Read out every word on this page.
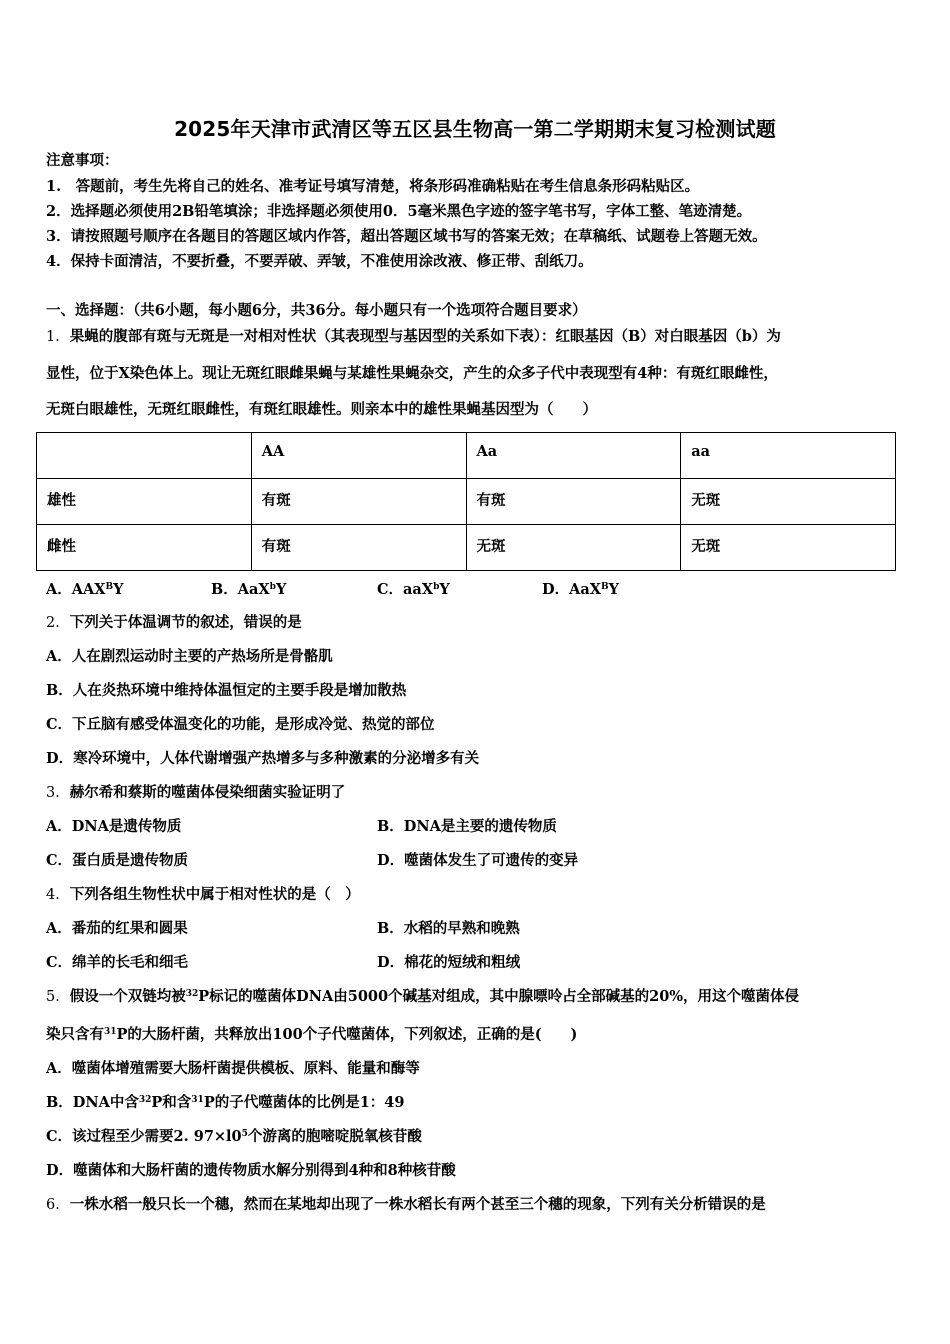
2025年天津市武清区等五区县生物高一第二学期期末复习检测试题
注意事项：
1.　答题前，考生先将自己的姓名、准考证号填写清楚，将条形码准确粘贴在考生信息条形码粘贴区。
2．选择题必须使用2B铅笔填涂；非选择题必须使用0．5毫米黑色字迹的签字笔书写，字体工整、笔迹清楚。
3．请按照题号顺序在各题目的答题区域内作答，超出答题区域书写的答案无效；在草稿纸、试题卷上答题无效。
4．保持卡面清洁，不要折叠，不要弄破、弄皱，不准使用涂改液、修正带、刮纸刀。
一、选择题：（共6小题，每小题6分，共36分。每小题只有一个选项符合题目要求）
1．果蝇的腹部有斑与无斑是一对相对性状（其表现型与基因型的关系如下表）：红眼基因（B）对白眼基因（b）为
显性，位于X染色体上。现让无斑红眼雌果蝇与某雄性果蝇杂交，产生的众多子代中表现型有4种：有斑红眼雌性，
无斑白眼雄性，无斑红眼雌性，有斑红眼雄性。则亲本中的雄性果蝇基因型为（　　）
	AA	Aa	aa
雄性	有斑	有斑	无斑
雌性	有斑	无斑	无斑
A．$AAX^BY$	B．AaX$^b$Y	C．aaX$^b$Y	D．AaX$^B$Y
2．下列关于体温调节的叙述，错误的是
A．人在剧烈运动时主要的产热场所是骨骼肌
B．人在炎热环境中维持体温恒定的主要手段是增加散热
C．下丘脑有感受体温变化的功能，是形成冷觉、热觉的部位
D．寒冷环境中，人体代谢增强产热增多与多种激素的分泌增多有关
3．赫尔希和蔡斯的噬菌体侵染细菌实验证明了
A．DNA是遗传物质	B．DNA是主要的遗传物质
C．蛋白质是遗传物质	D．噬菌体发生了可遗传的变异
4．下列各组生物性状中属于相对性状的是（　）
A．番茄的红果和圆果	B．水稻的早熟和晚熟
C．绵羊的长毛和细毛	D．棉花的短绒和粗绒
5．假设一个双链均被$^{32}$P标记的噬菌体DNA由5000个碱基对组成，其中腺嘌呤占全部碱基的20%，用这个噬菌体侵
染只含有$^{31}$P的大肠杆菌，共释放出100个子代噬菌体，下列叙述，正确的是(　　)
A．噬菌体增殖需要大肠杆菌提供模板、原料、能量和酶等
B．DNA中含$^{32}$P和含$^{31}$P的子代噬菌体的比例是1：49
C．该过程至少需要2. $97\times l0^5$个游离的胞嘧啶脱氧核苷酸
D．噬菌体和大肠杆菌的遗传物质水解分别得到4种和8种核苷酸
6．一株水稻一般只长一个穗，然而在某地却出现了一株水稻长有两个甚至三个穗的现象，下列有关分析错误的是
